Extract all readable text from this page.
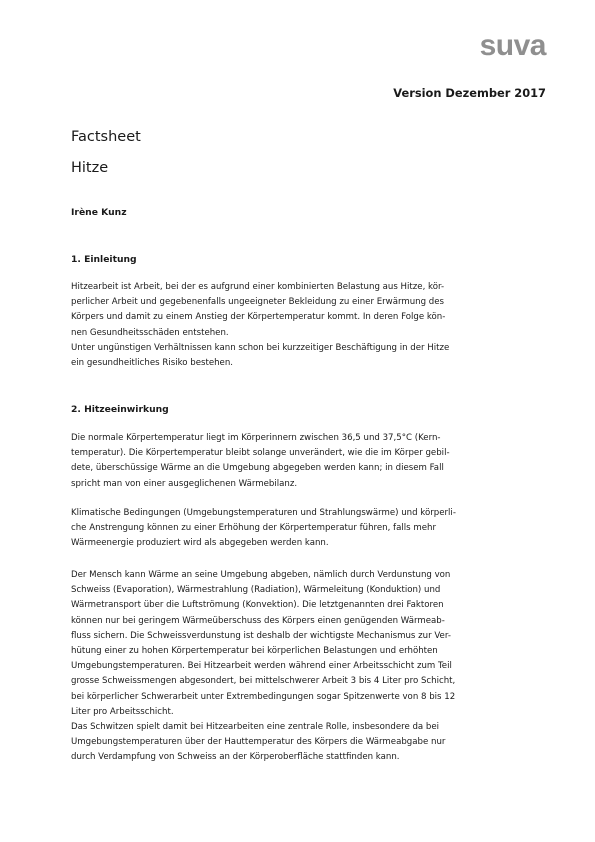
suva
Version Dezember 2017
Factsheet
Hitze
Irène Kunz
1. Einleitung
Hitzearbeit ist Arbeit, bei der es aufgrund einer kombinierten Belastung aus Hitze, kör-
perlicher Arbeit und gegebenenfalls ungeeigneter Bekleidung zu einer Erwärmung des
Körpers und damit zu einem Anstieg der Körpertemperatur kommt. In deren Folge kön-
nen Gesundheitsschäden entstehen.
Unter ungünstigen Verhältnissen kann schon bei kurzzeitiger Beschäftigung in der Hitze
ein gesundheitliches Risiko bestehen.
2. Hitzeeinwirkung
Die normale Körpertemperatur liegt im Körperinnern zwischen 36,5 und 37,5°C (Kern-
temperatur). Die Körpertemperatur bleibt solange unverändert, wie die im Körper gebil-
dete, überschüssige Wärme an die Umgebung abgegeben werden kann; in diesem Fall
spricht man von einer ausgeglichenen Wärmebilanz.
Klimatische Bedingungen (Umgebungstemperaturen und Strahlungswärme) und körperli-
che Anstrengung können zu einer Erhöhung der Körpertemperatur führen, falls mehr
Wärmeenergie produziert wird als abgegeben werden kann.
Der Mensch kann Wärme an seine Umgebung abgeben, nämlich durch Verdunstung von
Schweiss (Evaporation), Wärmestrahlung (Radiation), Wärmeleitung (Konduktion) und
Wärmetransport über die Luftströmung (Konvektion). Die letztgenannten drei Faktoren
können nur bei geringem Wärmeüberschuss des Körpers einen genügenden Wärmeab-
fluss sichern. Die Schweissverdunstung ist deshalb der wichtigste Mechanismus zur Ver-
hütung einer zu hohen Körpertemperatur bei körperlichen Belastungen und erhöhten
Umgebungstemperaturen. Bei Hitzearbeit werden während einer Arbeitsschicht zum Teil
grosse Schweissmengen abgesondert, bei mittelschwerer Arbeit 3 bis 4 Liter pro Schicht,
bei körperlicher Schwerarbeit unter Extrembedingungen sogar Spitzenwerte von 8 bis 12
Liter pro Arbeitsschicht.
Das Schwitzen spielt damit bei Hitzearbeiten eine zentrale Rolle, insbesondere da bei
Umgebungstemperaturen über der Hauttemperatur des Körpers die Wärmeabgabe nur
durch Verdampfung von Schweiss an der Körperoberfläche stattfinden kann.
